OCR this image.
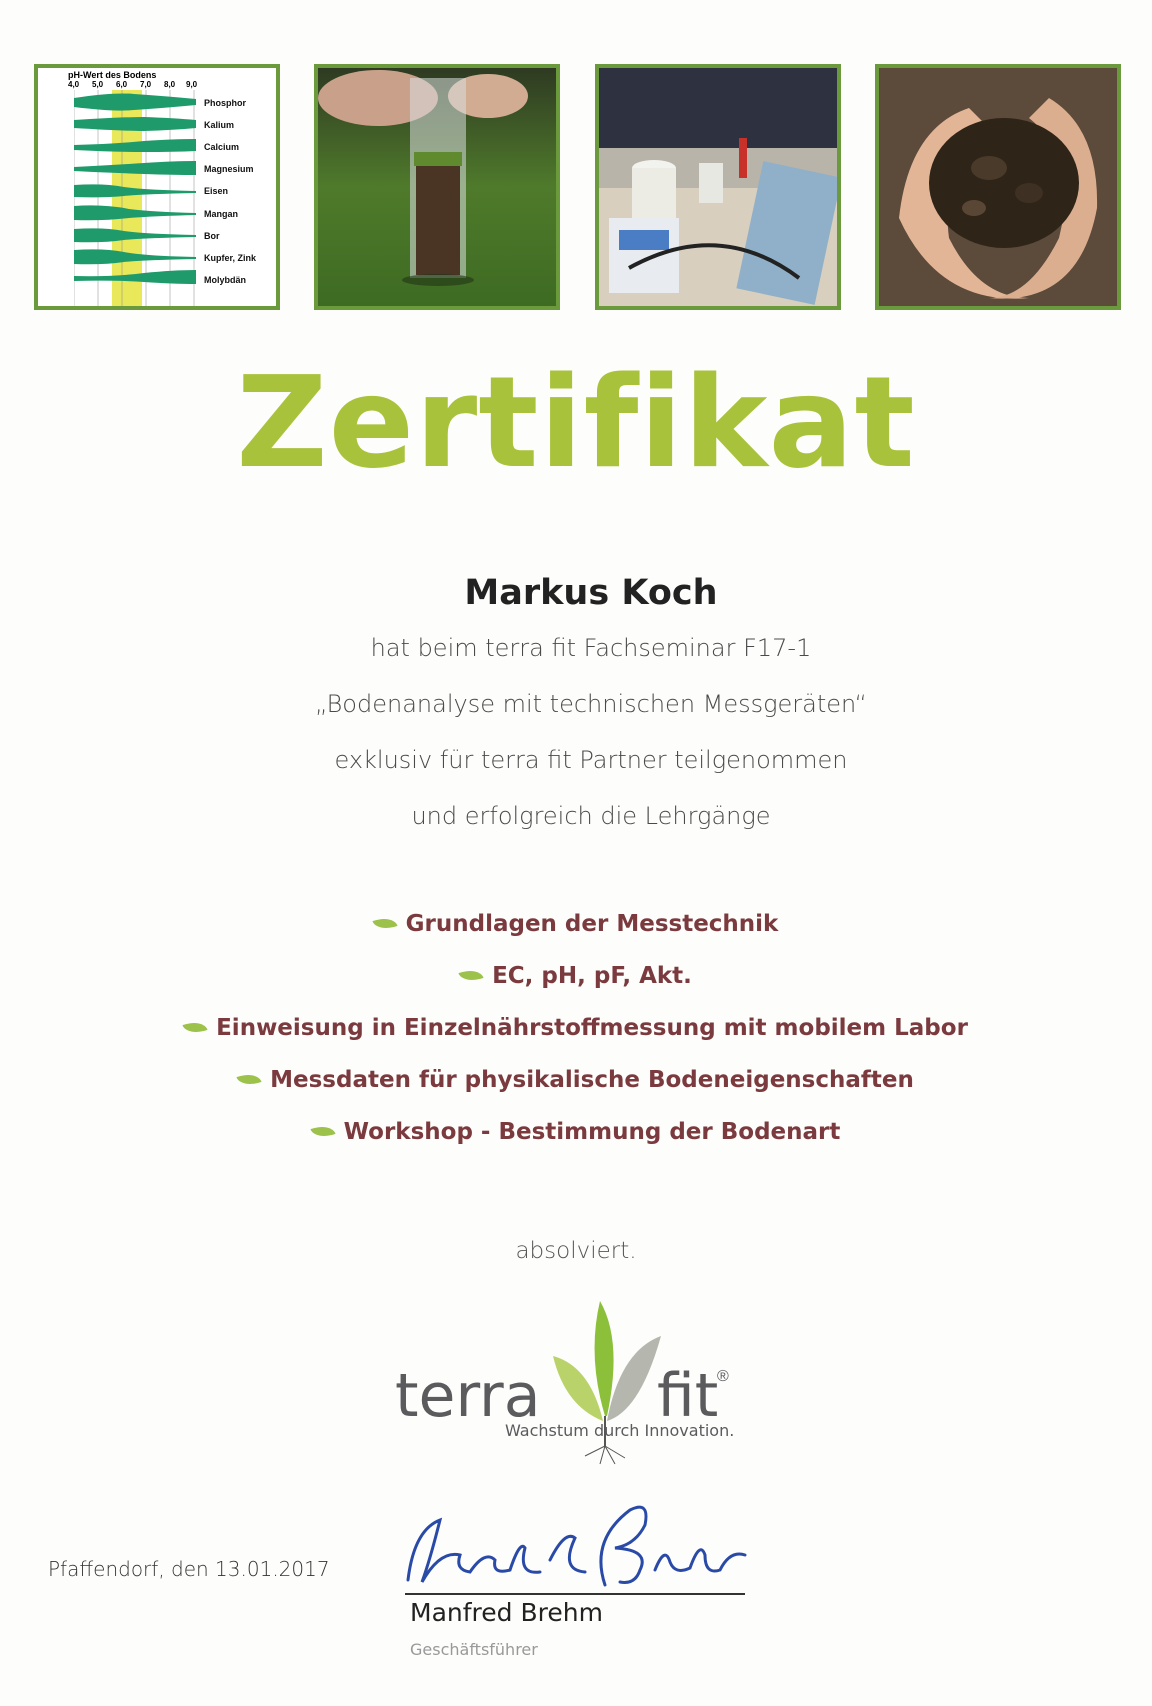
pH-Wert des Bodens
4,0 5,0 6,0 7,0 8,0 9,0
Phosphor
Kalium
Calcium
Magnesium
Eisen
Mangan
Bor
Kupfer, Zink
Molybdän
Zertifikat
Markus Koch
hat beim terra fit Fachseminar F17-1
„Bodenanalyse mit technischen Messgeräten“
exklusiv für terra fit Partner teilgenommen
und erfolgreich die Lehrgänge
Grundlagen der Messtechnik
EC, pH, pF, Akt.
Einweisung in Einzelnährstoffmessung mit mobilem Labor
Messdaten für physikalische Bodeneigenschaften
Workshop - Bestimmung der Bodenart
absolviert.
terra fit
®
Wachstum durch Innovation.
Pfaffendorf, den 13.01.2017
Manfred Brehm
Geschäftsführer
